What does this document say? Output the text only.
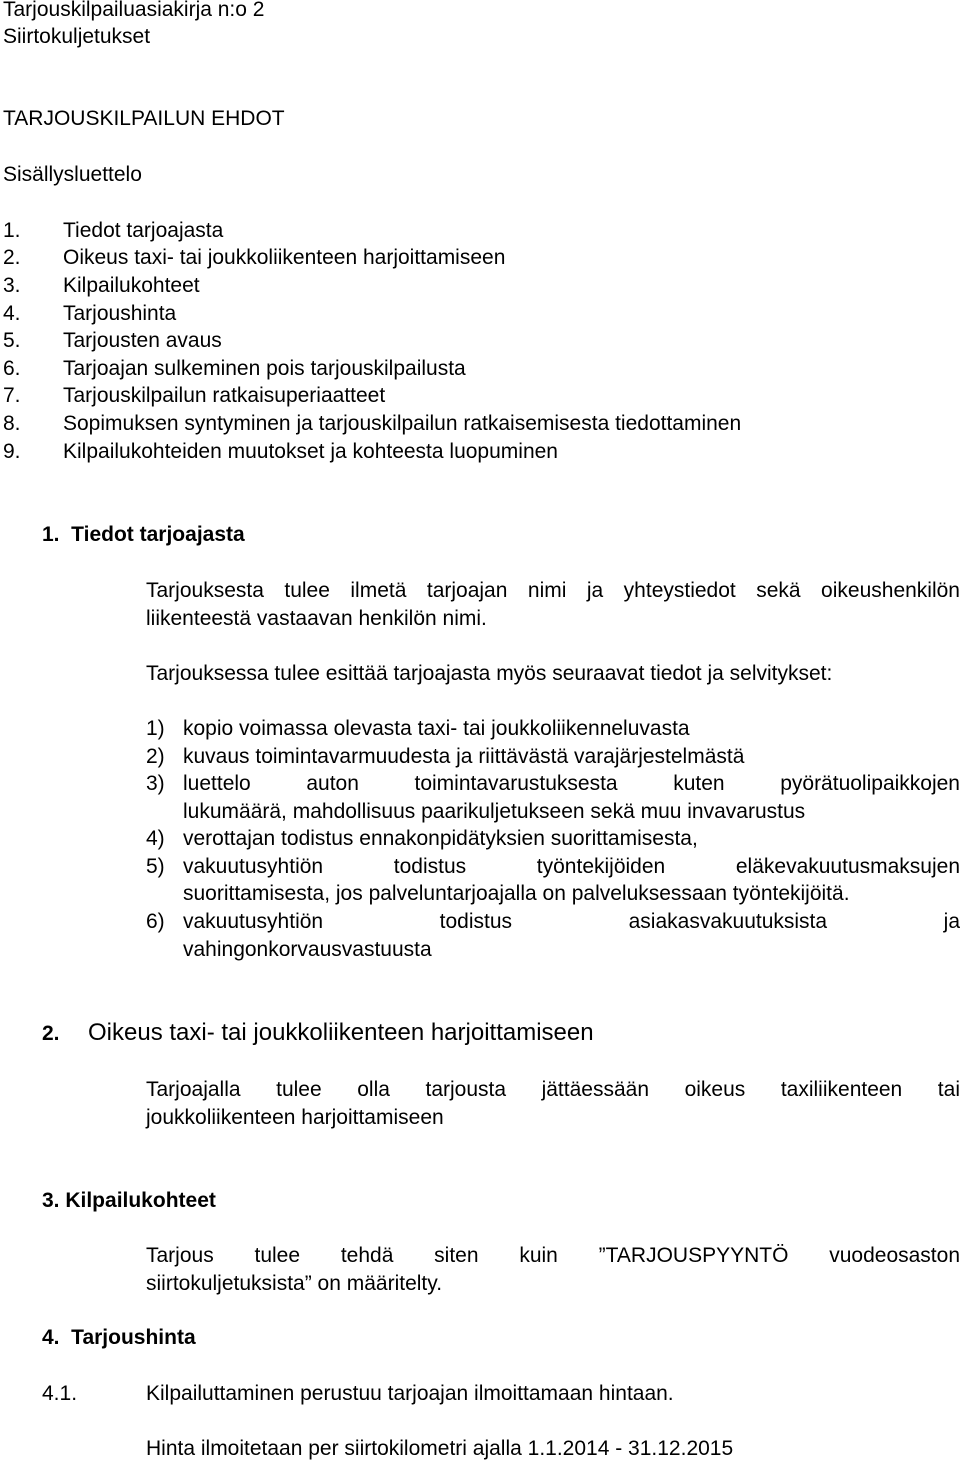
Tarjouskilpailuasiakirja n:o 2
Siirtokuljetukset
TARJOUSKILPAILUN EHDOT
Sisällysluettelo
1. Tiedot tarjoajasta
2. Oikeus taxi- tai joukkoliikenteen harjoittamiseen
3. Kilpailukohteet
4. Tarjoushinta
5. Tarjousten avaus
6. Tarjoajan sulkeminen pois tarjouskilpailusta
7. Tarjouskilpailun ratkaisuperiaatteet
8. Sopimuksen syntyminen ja tarjouskilpailun ratkaisemisesta tiedottaminen
9. Kilpailukohteiden muutokset ja kohteesta luopuminen
1.  Tiedot tarjoajasta
Tarjouksesta tulee ilmetä tarjoajan nimi ja yhteystiedot sekä oikeushenkilön
liikenteestä vastaavan henkilön nimi.
Tarjouksessa tulee esittää tarjoajasta myös seuraavat tiedot ja selvitykset:
1) kopio voimassa olevasta taxi- tai joukkoliikenneluvasta
2) kuvaus toimintavarmuudesta ja riittävästä varajärjestelmästä
3) luettelo auton toimintavarustuksesta kuten pyörätuolipaikkojen
lukumäärä, mahdollisuus paarikuljetukseen sekä muu invavarustus
4) verottajan todistus ennakonpidätyksien suorittamisesta,
5) vakuutusyhtiön todistus työntekijöiden eläkevakuutusmaksujen
suorittamisesta, jos palveluntarjoajalla on palveluksessaan työntekijöitä.
6) vakuutusyhtiön todistus asiakasvakuutuksista ja
vahingonkorvausvastuusta
2. Oikeus taxi- tai joukkoliikenteen harjoittamiseen
Tarjoajalla tulee olla tarjousta jättäessään oikeus taxiliikenteen tai
joukkoliikenteen harjoittamiseen
3. Kilpailukohteet
Tarjous tulee tehdä siten kuin ”TARJOUSPYYNTÖ vuodeosaston
siirtokuljetuksista” on määritelty.
4.  Tarjoushinta
4.1.	Kilpailuttaminen perustuu tarjoajan ilmoittamaan hintaan.
Hinta ilmoitetaan per siirtokilometri ajalla 1.1.2014 - 31.12.2015
